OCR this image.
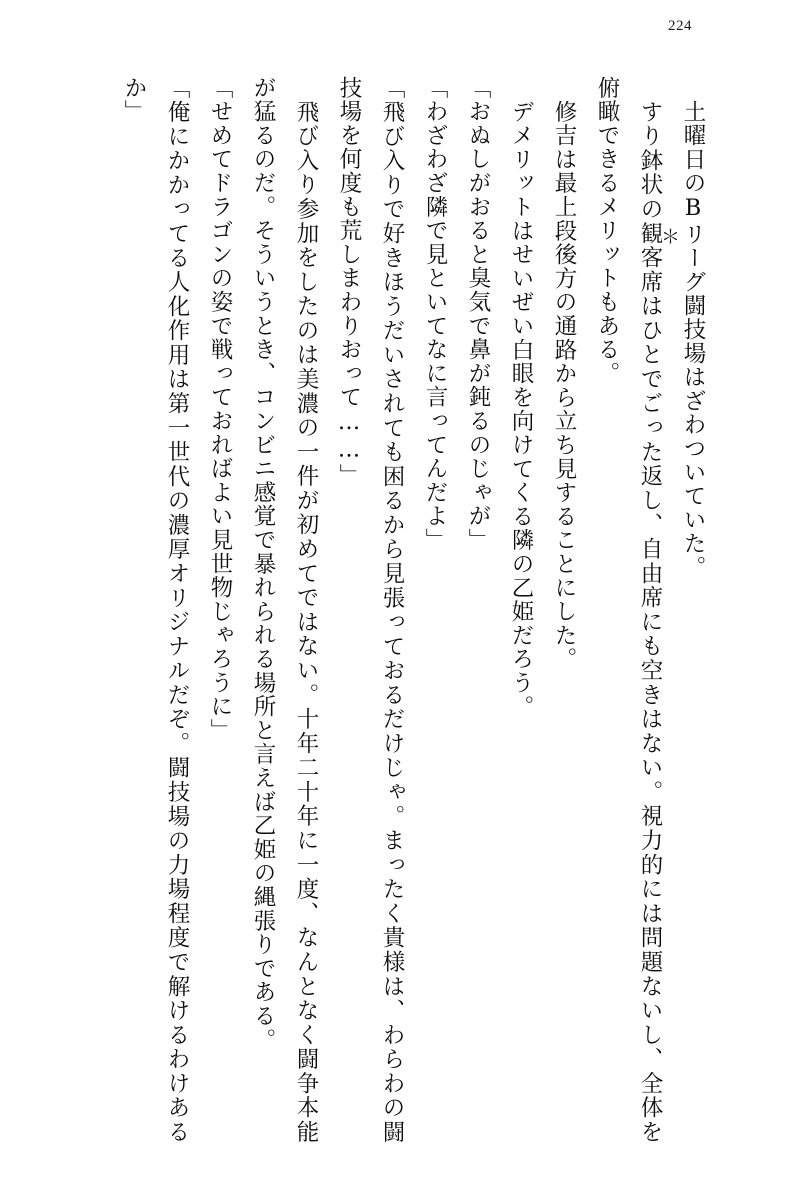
224
＊ 土曜日のBリーグ闘技場はざわついていた。

すり鉢状の観客席はひとでごった返し、自由席にも空きはない。視力的には問題ないし、全体を俯瞰できるメリットもある。

修吉は最上段後方の通路から立ち見することにした。

デメリットはせいぜい白眼を向けてくる隣の乙姫だろう。

「おぬしがおると臭気で鼻が鈍るのじゃが」

「わざわざ隣で見といてなに言ってんだよ」

「飛び入りで好きほうだいされても困るから見張っておるだけじゃ。まったく貴様は、わらわの闘技場を何度も荒しまわりおって……」

飛び入り参加をしたのは美濃の一件が初めてではない。十年二十年に一度、なんとなく闘争本能が猛るのだ。そういうとき、コンビニ感覚で暴れられる場所と言えば乙姫の縄張りである。

「せめてドラゴンの姿で戦っておればよい見世物じゃろうに」

「俺にかかってる人化作用は第一世代の濃厚オリジナルだぞ。闘技場の力場程度で解けるわけあるか」
